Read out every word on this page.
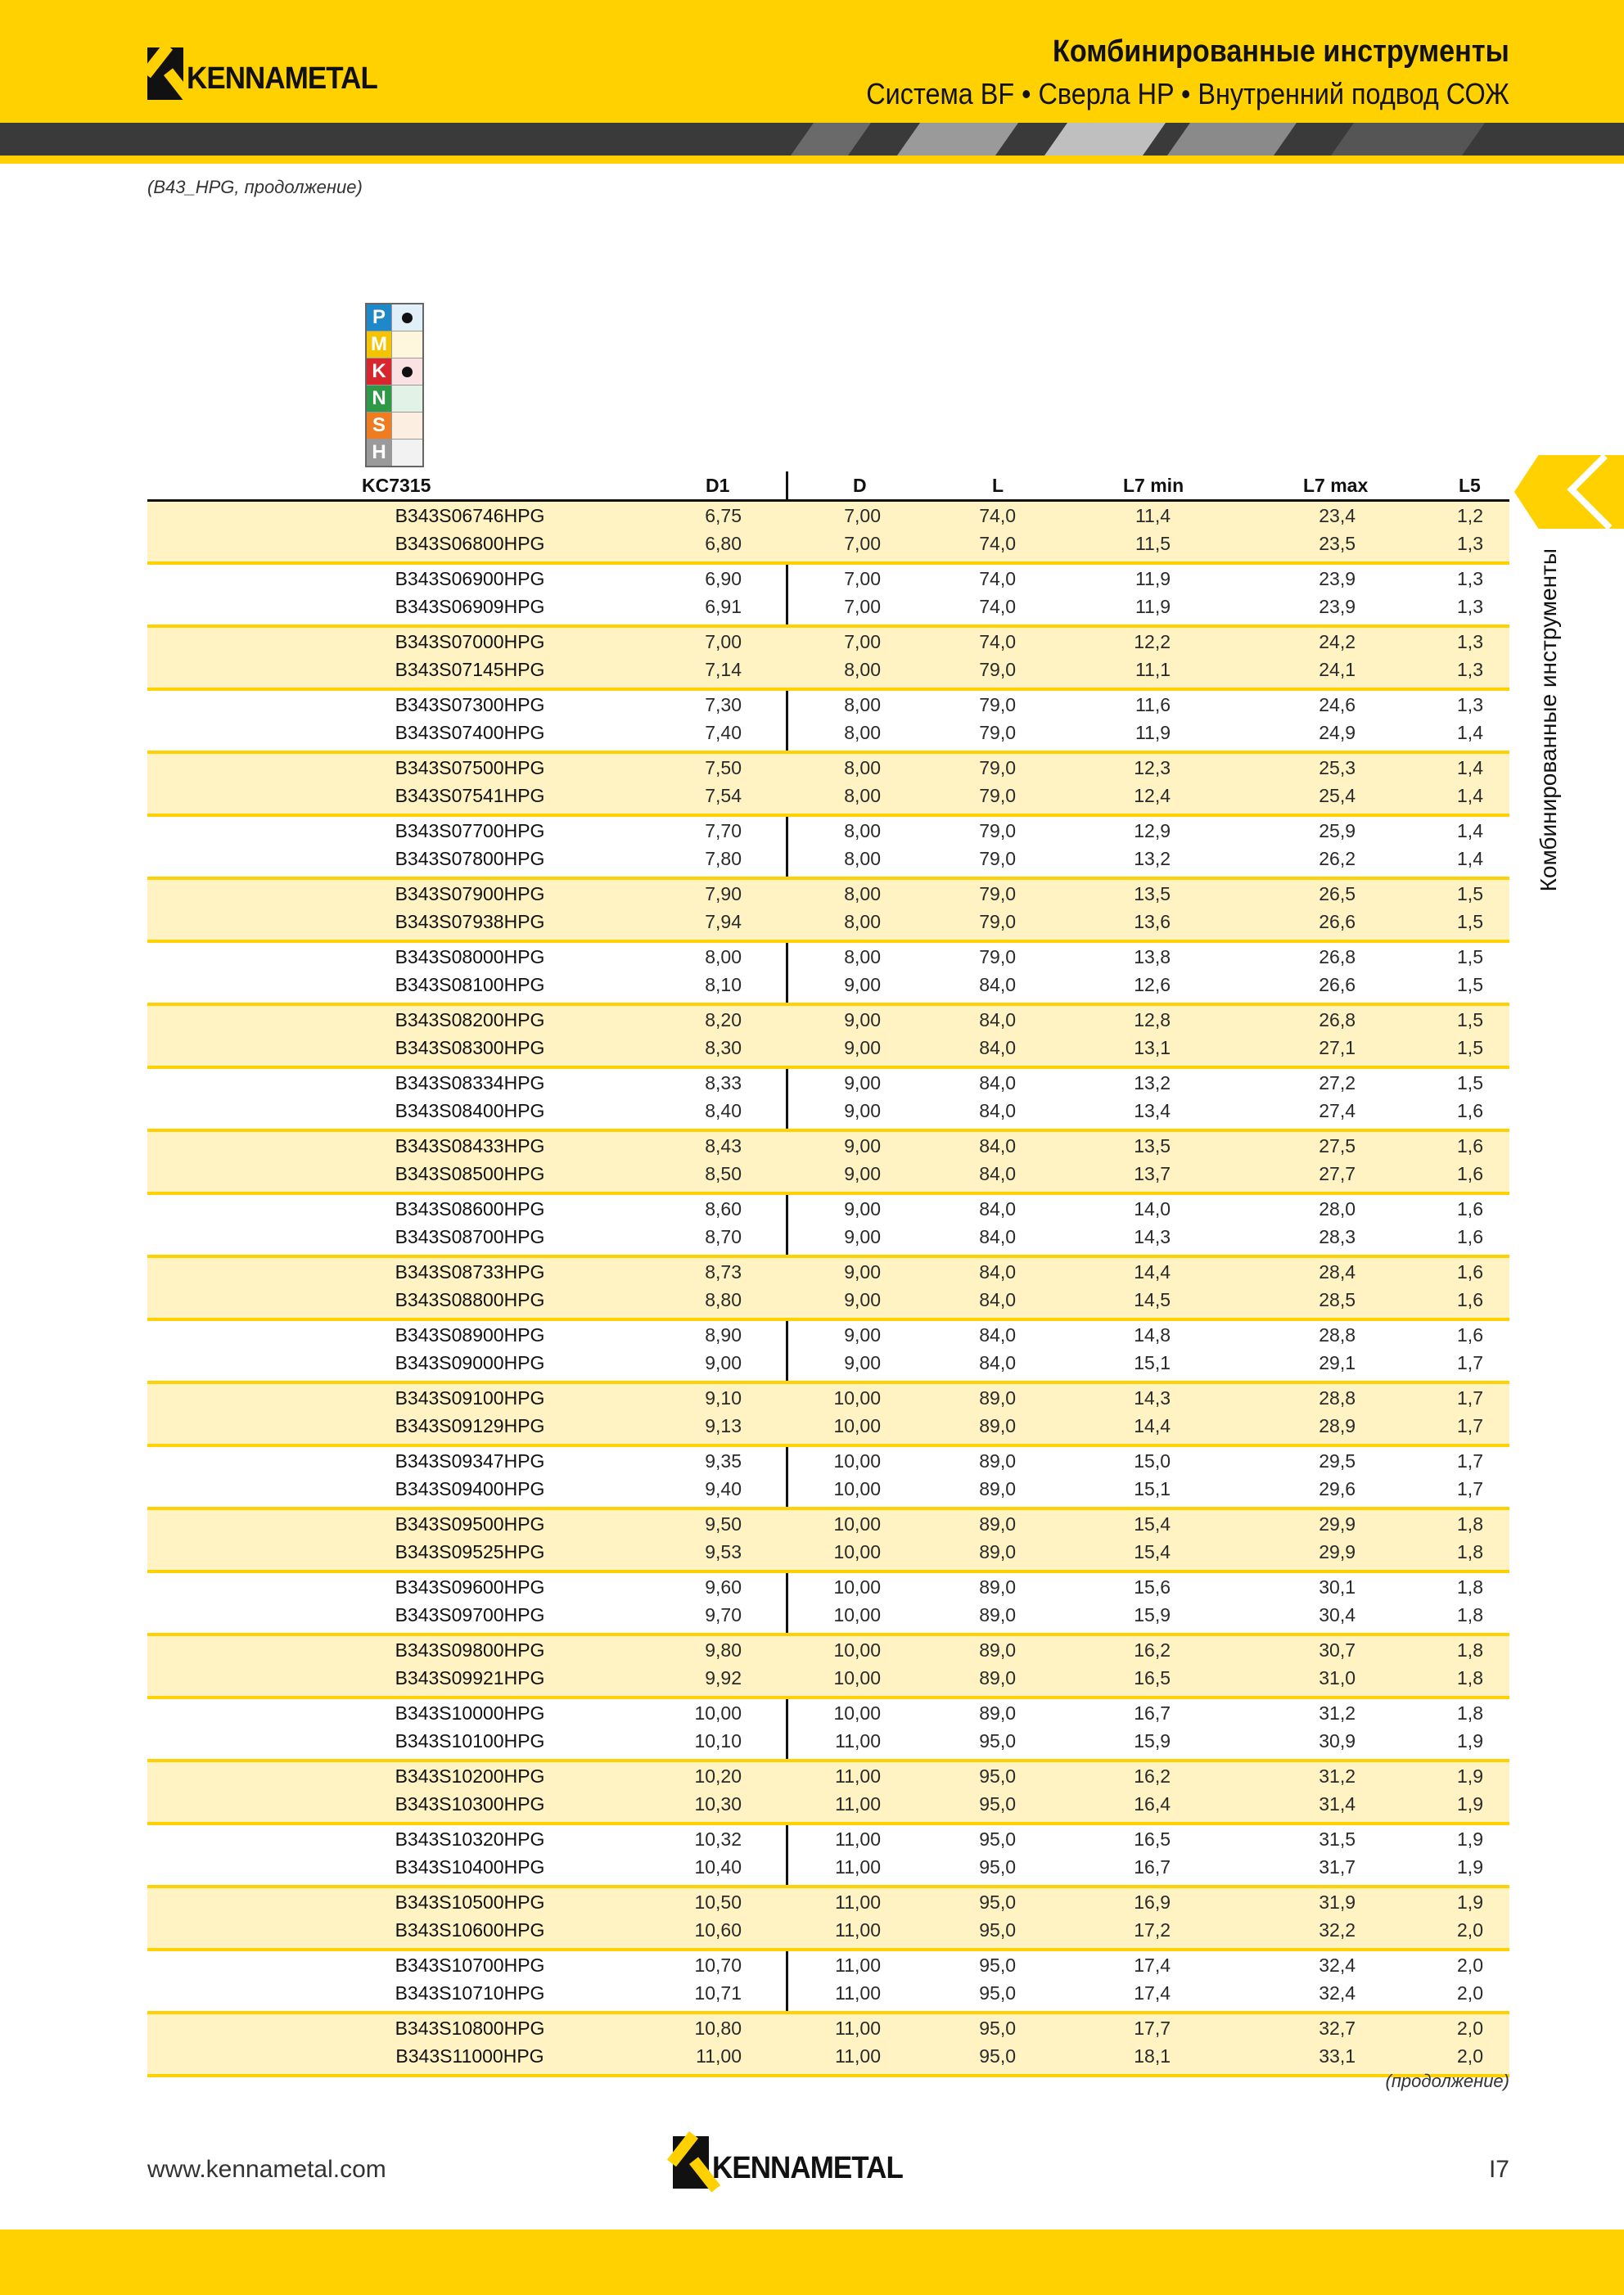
KENNAMETAL
Комбинированные инструменты
Система BF • Сверла HP • Внутренний подвод СОЖ
(B43_HPG, продолжение)
P
M
K
N
S
H
KC7315	D1	D	L	L7 min	L7 max	L5
B343S06746HPG	6,75	7,00	74,0	11,4	23,4	1,2
B343S06800HPG	6,80	7,00	74,0	11,5	23,5	1,3
B343S06900HPG	6,90	7,00	74,0	11,9	23,9	1,3
B343S06909HPG	6,91	7,00	74,0	11,9	23,9	1,3
B343S07000HPG	7,00	7,00	74,0	12,2	24,2	1,3
B343S07145HPG	7,14	8,00	79,0	11,1	24,1	1,3
B343S07300HPG	7,30	8,00	79,0	11,6	24,6	1,3
B343S07400HPG	7,40	8,00	79,0	11,9	24,9	1,4
B343S07500HPG	7,50	8,00	79,0	12,3	25,3	1,4
B343S07541HPG	7,54	8,00	79,0	12,4	25,4	1,4
B343S07700HPG	7,70	8,00	79,0	12,9	25,9	1,4
B343S07800HPG	7,80	8,00	79,0	13,2	26,2	1,4
B343S07900HPG	7,90	8,00	79,0	13,5	26,5	1,5
B343S07938HPG	7,94	8,00	79,0	13,6	26,6	1,5
B343S08000HPG	8,00	8,00	79,0	13,8	26,8	1,5
B343S08100HPG	8,10	9,00	84,0	12,6	26,6	1,5
B343S08200HPG	8,20	9,00	84,0	12,8	26,8	1,5
B343S08300HPG	8,30	9,00	84,0	13,1	27,1	1,5
B343S08334HPG	8,33	9,00	84,0	13,2	27,2	1,5
B343S08400HPG	8,40	9,00	84,0	13,4	27,4	1,6
B343S08433HPG	8,43	9,00	84,0	13,5	27,5	1,6
B343S08500HPG	8,50	9,00	84,0	13,7	27,7	1,6
B343S08600HPG	8,60	9,00	84,0	14,0	28,0	1,6
B343S08700HPG	8,70	9,00	84,0	14,3	28,3	1,6
B343S08733HPG	8,73	9,00	84,0	14,4	28,4	1,6
B343S08800HPG	8,80	9,00	84,0	14,5	28,5	1,6
B343S08900HPG	8,90	9,00	84,0	14,8	28,8	1,6
B343S09000HPG	9,00	9,00	84,0	15,1	29,1	1,7
B343S09100HPG	9,10	10,00	89,0	14,3	28,8	1,7
B343S09129HPG	9,13	10,00	89,0	14,4	28,9	1,7
B343S09347HPG	9,35	10,00	89,0	15,0	29,5	1,7
B343S09400HPG	9,40	10,00	89,0	15,1	29,6	1,7
B343S09500HPG	9,50	10,00	89,0	15,4	29,9	1,8
B343S09525HPG	9,53	10,00	89,0	15,4	29,9	1,8
B343S09600HPG	9,60	10,00	89,0	15,6	30,1	1,8
B343S09700HPG	9,70	10,00	89,0	15,9	30,4	1,8
B343S09800HPG	9,80	10,00	89,0	16,2	30,7	1,8
B343S09921HPG	9,92	10,00	89,0	16,5	31,0	1,8
B343S10000HPG	10,00	10,00	89,0	16,7	31,2	1,8
B343S10100HPG	10,10	11,00	95,0	15,9	30,9	1,9
B343S10200HPG	10,20	11,00	95,0	16,2	31,2	1,9
B343S10300HPG	10,30	11,00	95,0	16,4	31,4	1,9
B343S10320HPG	10,32	11,00	95,0	16,5	31,5	1,9
B343S10400HPG	10,40	11,00	95,0	16,7	31,7	1,9
B343S10500HPG	10,50	11,00	95,0	16,9	31,9	1,9
B343S10600HPG	10,60	11,00	95,0	17,2	32,2	2,0
B343S10700HPG	10,70	11,00	95,0	17,4	32,4	2,0
B343S10710HPG	10,71	11,00	95,0	17,4	32,4	2,0
B343S10800HPG	10,80	11,00	95,0	17,7	32,7	2,0
B343S11000HPG	11,00	11,00	95,0	18,1	33,1	2,0
(продолжение)
Комбинированные инструменты
www.kennametal.com	KENNAMETAL	I7
